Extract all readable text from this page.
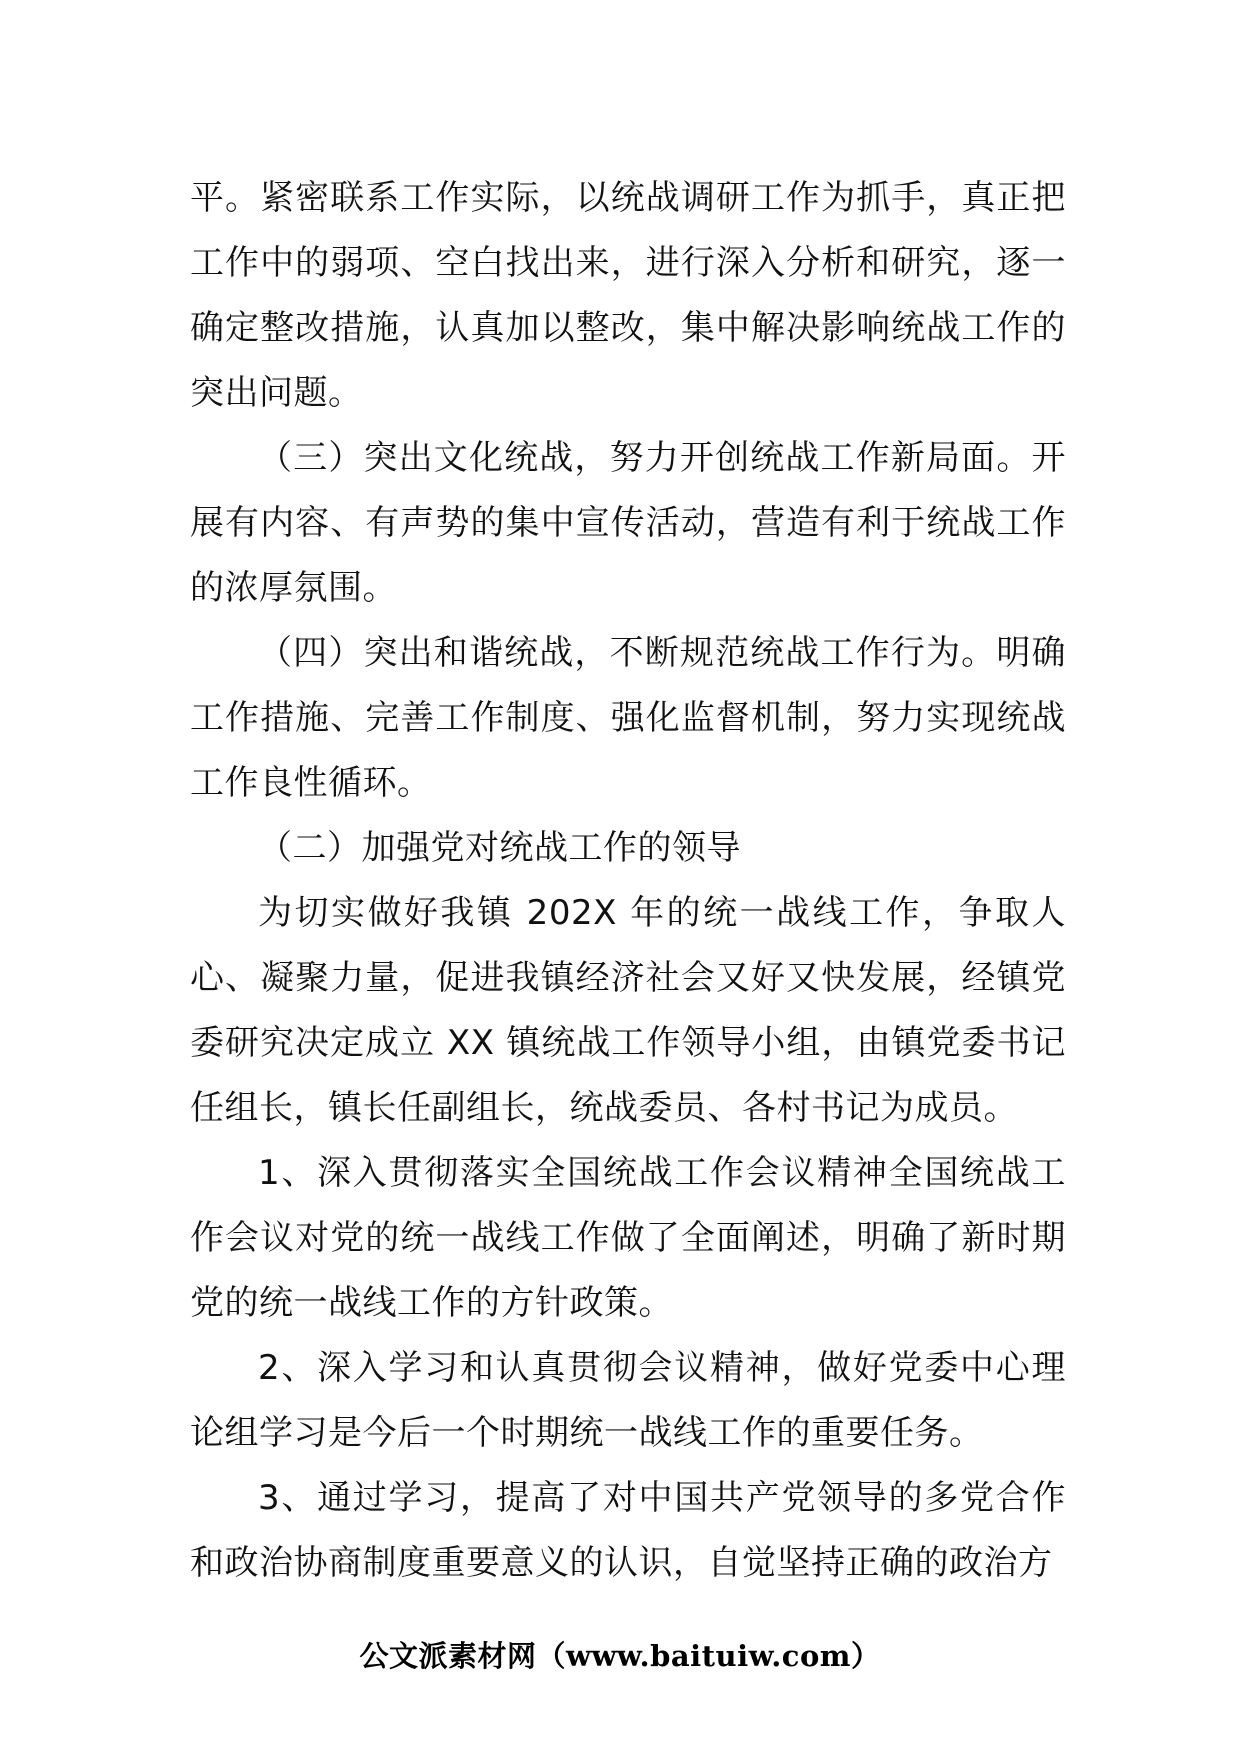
平。紧密联系工作实际，以统战调研工作为抓手，真正把工作中的弱项、空白找出来，进行深入分析和研究，逐一确定整改措施，认真加以整改，集中解决影响统战工作的突出问题。

（三）突出文化统战，努力开创统战工作新局面。开展有内容、有声势的集中宣传活动，营造有利于统战工作的浓厚氛围。

（四）突出和谐统战，不断规范统战工作行为。明确工作措施、完善工作制度、强化监督机制，努力实现统战工作良性循环。

（二）加强党对统战工作的领导

为切实做好我镇 202X 年的统一战线工作，争取人心、凝聚力量，促进我镇经济社会又好又快发展，经镇党委研究决定成立 XX 镇统战工作领导小组，由镇党委书记任组长，镇长任副组长，统战委员、各村书记为成员。

1、深入贯彻落实全国统战工作会议精神全国统战工作会议对党的统一战线工作做了全面阐述，明确了新时期党的统一战线工作的方针政策。

2、深入学习和认真贯彻会议精神，做好党委中心理论组学习是今后一个时期统一战线工作的重要任务。

3、通过学习，提高了对中国共产党领导的多党合作和政治协商制度重要意义的认识，自觉坚持正确的政治方

公文派素材网（www.baituiw.com）
